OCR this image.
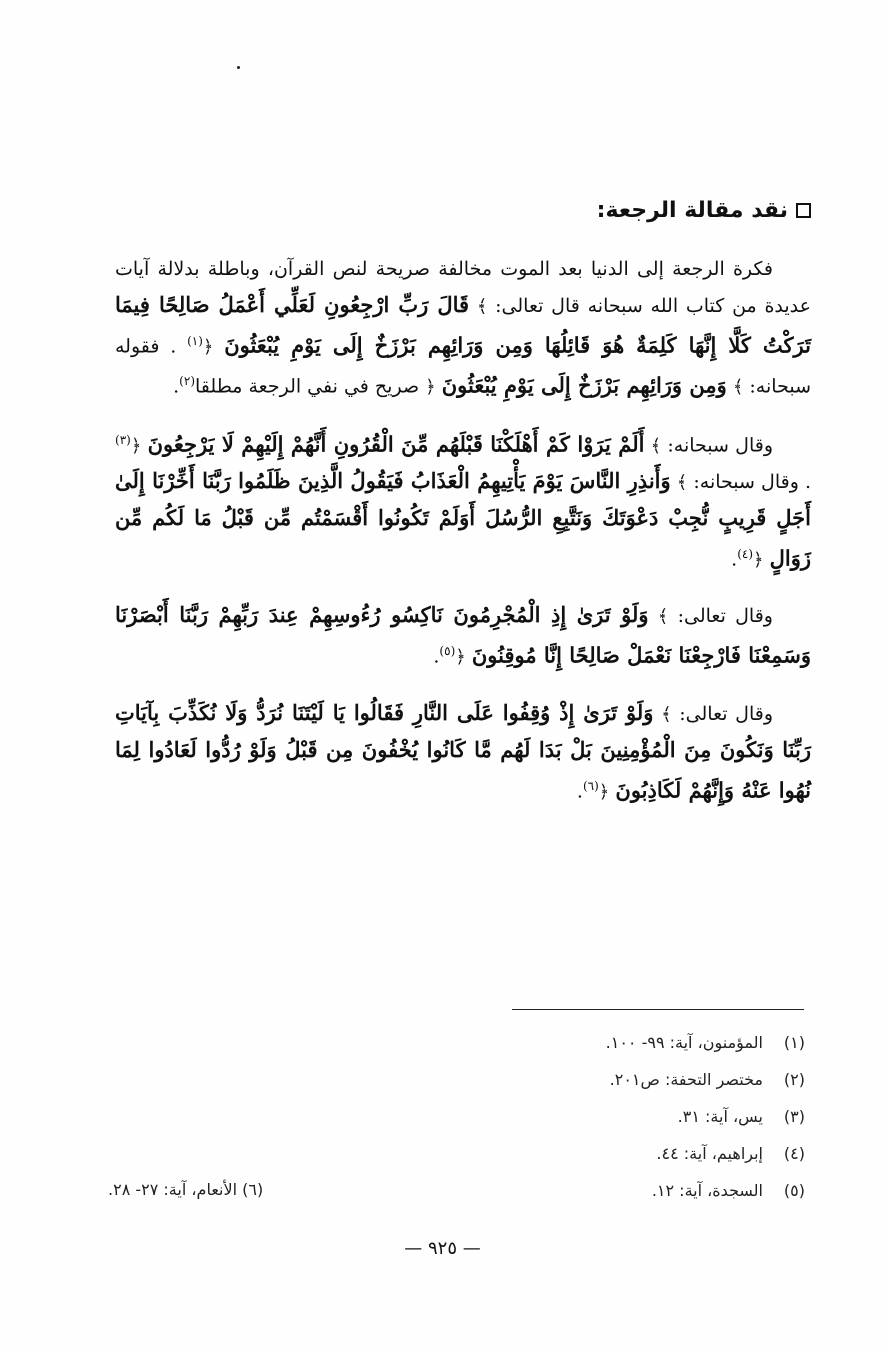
نقد مقالة الرجعة:

فكرة الرجعة إلى الدنيا بعد الموت مخالفة صريحة لنص القرآن، وباطلة بدلالة آيات عديدة من كتاب الله سبحانه قال تعالى: ﴾ قَالَ رَبِّ ارْجِعُونِ لَعَلِّي أَعْمَلُ صَالِحًا فِيمَا تَرَكْتُ كَلَّا إِنَّهَا كَلِمَةٌ هُوَ قَائِلُهَا وَمِن وَرَائِهِم بَرْزَخٌ إِلَى يَوْمِ يُبْعَثُونَ ﴿$^{(١)}$ . فقوله سبحانه: ﴾ وَمِن وَرَائِهِم بَرْزَخٌ إِلَى يَوْمِ يُبْعَثُونَ ﴿ صريح في نفي الرجعة مطلقا$^{(٢)}$.

وقال سبحانه: ﴾ أَلَمْ يَرَوْا كَمْ أَهْلَكْنَا قَبْلَهُم مِّنَ الْقُرُونِ أَنَّهُمْ إِلَيْهِمْ لَا يَرْجِعُونَ ﴿$^{(٣)}$ . وقال سبحانه: ﴾ وَأَنذِرِ النَّاسَ يَوْمَ يَأْتِيهِمُ الْعَذَابُ فَيَقُولُ الَّذِينَ ظَلَمُوا رَبَّنَا أَخِّرْنَا إِلَىٰ أَجَلٍ قَرِيبٍ نُّجِبْ دَعْوَتَكَ وَنَتَّبِعِ الرُّسُلَ أَوَلَمْ تَكُونُوا أَقْسَمْتُم مِّن قَبْلُ مَا لَكُم مِّن زَوَالٍ ﴿$^{(٤)}$.

وقال تعالى: ﴾ وَلَوْ تَرَىٰ إِذِ الْمُجْرِمُونَ نَاكِسُو رُءُوسِهِمْ عِندَ رَبِّهِمْ رَبَّنَا أَبْصَرْنَا وَسَمِعْنَا فَارْجِعْنَا نَعْمَلْ صَالِحًا إِنَّا مُوقِنُونَ ﴿$^{(٥)}$.

وقال تعالى: ﴾ وَلَوْ تَرَىٰ إِذْ وُقِفُوا عَلَى النَّارِ فَقَالُوا يَا لَيْتَنَا نُرَدُّ وَلَا نُكَذِّبَ بِآيَاتِ رَبِّنَا وَنَكُونَ مِنَ الْمُؤْمِنِينَ بَلْ بَدَا لَهُم مَّا كَانُوا يُخْفُونَ مِن قَبْلُ وَلَوْ رُدُّوا لَعَادُوا لِمَا نُهُوا عَنْهُ وَإِنَّهُمْ لَكَاذِبُونَ ﴿$^{(٦)}$.

(١)
المؤمنون، آية: ٩٩- ١٠٠.
(٢)
مختصر التحفة: ص٢٠١.
(٣)
يس، آية: ٣١.
(٤)
إبراهيم، آية: ٤٤.
(٥)
السجدة، آية: ١٢.
(٦) الأنعام، آية: ٢٧- ٢٨.
— ٩٢٥ —
